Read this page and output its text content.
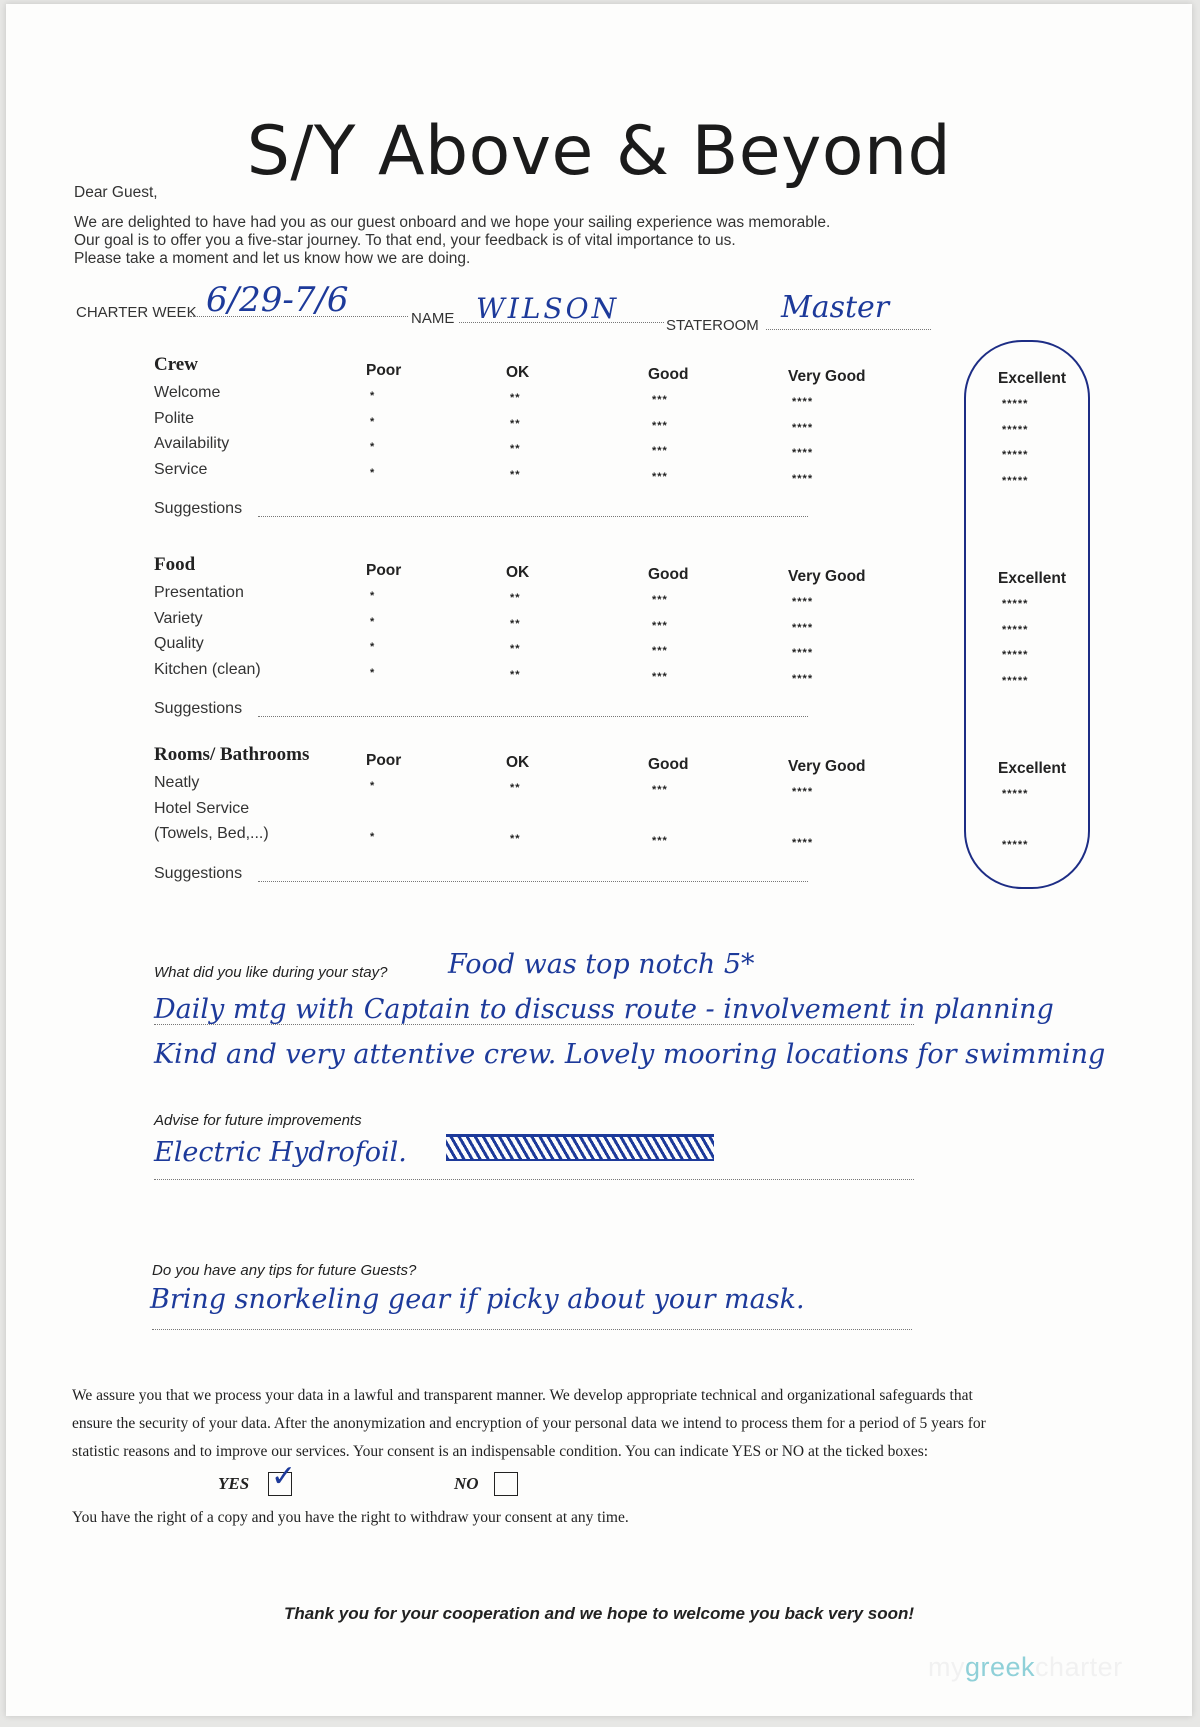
S/Y Above & Beyond
Dear Guest,
We are delighted to have had you as our guest onboard and we hope your sailing experience was memorable.
Our goal is to offer you a five-star journey. To that end, your feedback is of vital importance to us.
Please take a moment and let us know how we are doing.
CHARTER WEEK 6/29-7/6	NAME WILSON
STATEROOM
Master
Crew	Poor	OK	Good	Very Good	Excellent
Welcome	*	**	***	****	*****
Polite	*	**	***	****	*****
Availability	*	**	***	****	*****
Service	*	**	***	****	*****
Suggestions
Food	Poor	OK	Good	Very Good	Excellent
Presentation	*	**	***	****	*****
Variety	*	**	***	****	*****
Quality	*	**	***	****	*****
Kitchen (clean)	*	**	***	****	*****
Suggestions
Rooms/ Bathrooms	Poor	OK	Good	Very Good	Excellent
Neatly	*	**	***	****	*****
Hotel Service
(Towels, Bed,...)	*	**	***	****	*****
Suggestions
What did you like during your stay? Food was top notch 5*
Daily mtg with Captain to discuss route - involvement in planning
Kind and very attentive crew. Lovely mooring locations for swimming
Advise for future improvements
Electric Hydrofoil.
Do you have any tips for future Guests?
Bring snorkeling gear if picky about your mask.
We assure you that we process your data in a lawful and transparent manner. We develop appropriate technical and organizational safeguards that
ensure the security of your data. After the anonymization and encryption of your personal data we intend to process them for a period of 5 years for
statistic reasons and to improve our services. Your consent is an indispensable condition. You can indicate YES or NO at the ticked boxes:
YES ✓	NO
You have the right of a copy and you have the right to withdraw your consent at any time.
Thank you for your cooperation and we hope to welcome you back very soon!
mygreekcharter
